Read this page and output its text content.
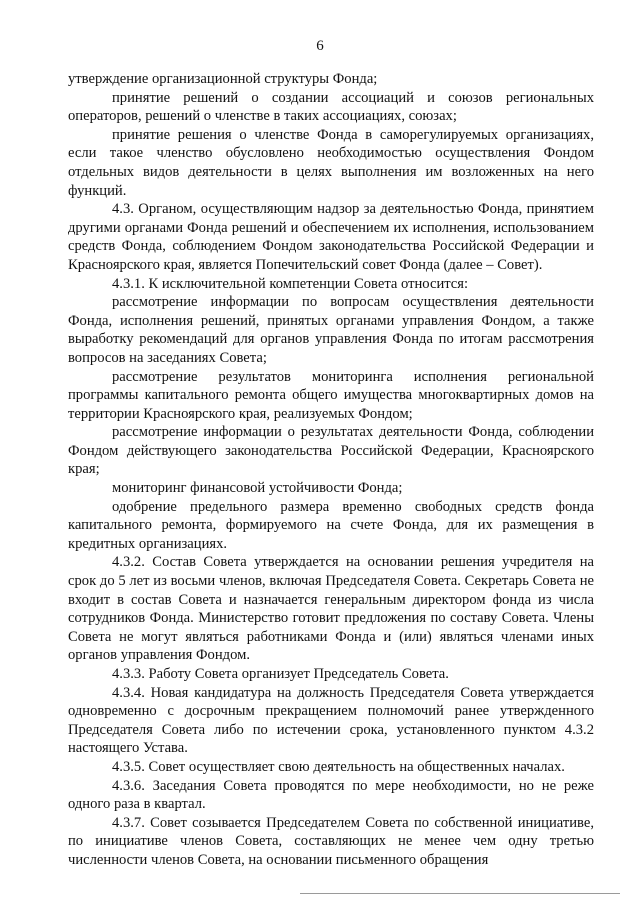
6

утверждение организационной структуры Фонда;

принятие решений о создании ассоциаций и союзов региональных операторов, решений о членстве в таких ассоциациях, союзах;

принятие решения о членстве Фонда в саморегулируемых организациях, если такое членство обусловлено необходимостью осуществления Фондом отдельных видов деятельности в целях выполнения им возложенных на него функций.

4.3. Органом, осуществляющим надзор за деятельностью Фонда, принятием другими органами Фонда решений и обеспечением их исполнения, использованием средств Фонда, соблюдением Фондом законодательства Российской Федерации и Красноярского края, является Попечительский совет Фонда (далее – Совет).

4.3.1. К исключительной компетенции Совета относится:

рассмотрение информации по вопросам осуществления деятельности Фонда, исполнения решений, принятых органами управления Фондом, а также выработку рекомендаций для органов управления Фонда по итогам рассмотрения вопросов на заседаниях Совета;

рассмотрение результатов мониторинга исполнения региональной программы капитального ремонта общего имущества многоквартирных домов на территории Красноярского края, реализуемых Фондом;

рассмотрение информации о результатах деятельности Фонда, соблюдении Фондом действующего законодательства Российской Федерации, Красноярского края;

мониторинг финансовой устойчивости Фонда;

одобрение предельного размера временно свободных средств фонда капитального ремонта, формируемого на счете Фонда, для их размещения в кредитных организациях.

4.3.2. Состав Совета утверждается на основании решения учредителя на срок до 5 лет из восьми членов, включая Председателя Совета. Секретарь Совета не входит в состав Совета и назначается генеральным директором фонда из числа сотрудников Фонда. Министерство готовит предложения по составу Совета. Члены Совета не могут являться работниками Фонда и (или) являться членами иных органов управления Фондом.

4.3.3. Работу Совета организует Председатель Совета.

4.3.4. Новая кандидатура на должность Председателя Совета утверждается одновременно с досрочным прекращением полномочий ранее утвержденного Председателя Совета либо по истечении срока, установленного пунктом 4.3.2 настоящего Устава.

4.3.5. Совет осуществляет свою деятельность на общественных началах.

4.3.6. Заседания Совета проводятся по мере необходимости, но не реже одного раза в квартал.

4.3.7. Совет созывается Председателем Совета по собственной инициативе, по инициативе членов Совета, составляющих не менее чем одну третью численности членов Совета, на основании письменного обращения
